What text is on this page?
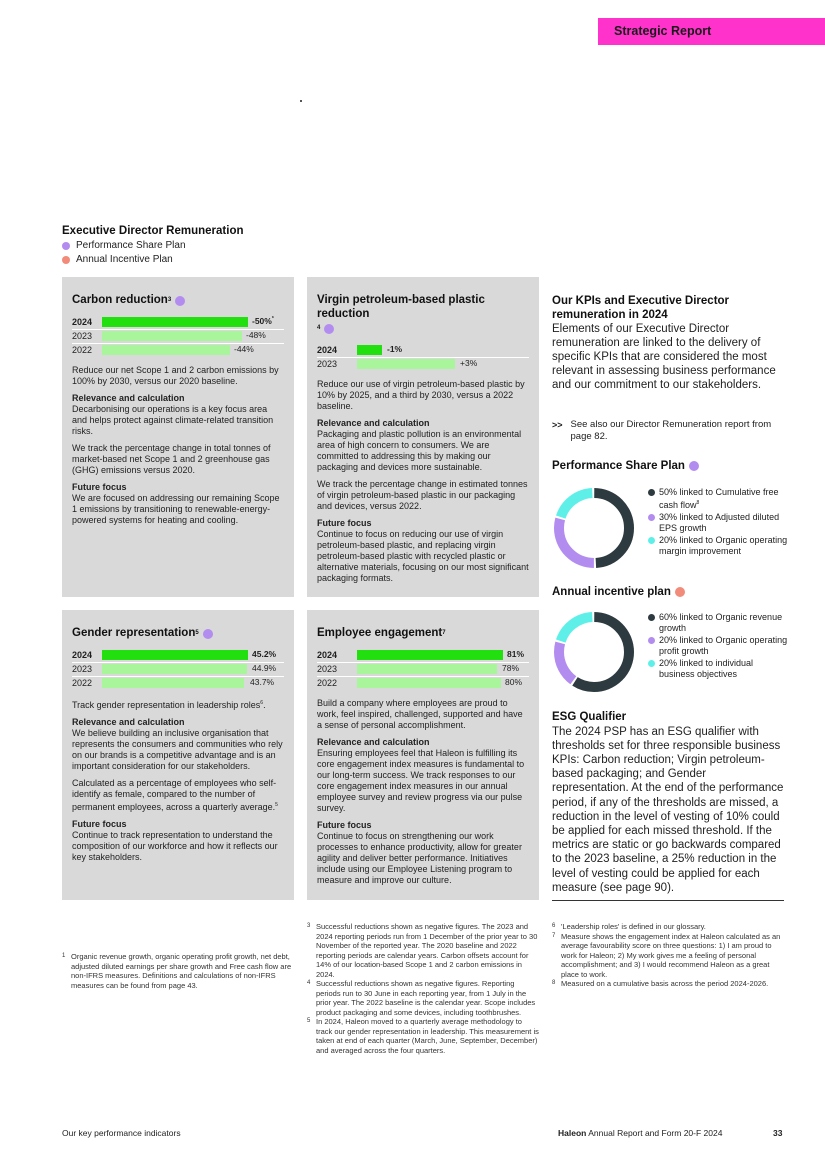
Strategic Report
Executive Director Remuneration
Performance Share Plan
Annual Incentive Plan
Carbon reduction 3
2024	-50%*
2023	-48%
2022	-44%

Reduce our net Scope 1 and 2 carbon emissions by 100% by 2030, versus our 2020 baseline.

Relevance and calculation

Decarbonising our operations is a key focus area and helps protect against climate-related transition risks.

We track the percentage change in total tonnes of market-based net Scope 1 and 2 greenhouse gas (GHG) emissions versus 2020.

Future focus

We are focused on addressing our remaining Scope 1 emissions by transitioning to renewable-energy-powered systems for heating and cooling.

Virgin petroleum-based plastic reduction
4
2024	-1%
2023	+3%

Reduce our use of virgin petroleum-based plastic by 10% by 2025, and a third by 2030, versus a 2022 baseline.

Relevance and calculation

Packaging and plastic pollution is an environmental area of high concern to consumers. We are committed to addressing this by making our packaging and devices more sustainable.

We track the percentage change in estimated tonnes of virgin petroleum-based plastic in our packaging and devices, versus 2022.

Future focus

Continue to focus on reducing our use of virgin petroleum-based plastic, and replacing virgin petroleum-based plastic with recycled plastic or alternative materials, focusing on our most significant packaging formats.

Gender representation 5
2024	45.2%
2023	44.9%
2022	43.7%

Track gender representation in leadership roles$^6$.

Relevance and calculation

We believe building an inclusive organisation that represents the consumers and communities who rely on our brands is a competitive advantage and is an important consideration for our stakeholders.

Calculated as a percentage of employees who self-identify as female, compared to the number of permanent employees, across a quarterly average.$^5$

Future focus

Continue to track representation to understand the composition of our workforce and how it reflects our key stakeholders.

Employee engagement 7
2024	81%
2023	78%
2022	80%

Build a company where employees are proud to work, feel inspired, challenged, supported and have a sense of personal accomplishment.

Relevance and calculation

Ensuring employees feel that Haleon is fulfilling its core engagement index measures is fundamental to our long-term success. We track responses to our core engagement index measures in our annual employee survey and review progress via our pulse survey.

Future focus

Continue to focus on strengthening our work processes to enhance productivity, allow for greater agility and deliver better performance. Initiatives include using our Employee Listening program to measure and improve our culture.

Our KPIs and Executive Director remuneration in 2024

Elements of our Executive Director remuneration are linked to the delivery of specific KPIs that are considered the most relevant in assessing business performance and our commitment to our stakeholders.

>> See also our Director Remuneration report from page 82.
Performance Share Plan
50% linked to Cumulative free cash flow$^8$
30% linked to Adjusted diluted EPS growth
20% linked to Organic operating margin improvement
Annual incentive plan
60% linked to Organic revenue growth
20% linked to Organic operating profit growth
20% linked to individual business objectives
ESG Qualifier

The 2024 PSP has an ESG qualifier with thresholds set for three responsible business KPIs: Carbon reduction; Virgin petroleum-based packaging; and Gender representation. At the end of the performance period, if any of the thresholds are missed, a reduction in the level of vesting of 10% could be applied for each missed threshold. If the metrics are static or go backwards compared to the 2023 baseline, a 25% reduction in the level of vesting could be applied for each measure (see page 90).

1 Organic revenue growth, organic operating profit growth, net debt, adjusted diluted earnings per share growth and Free cash flow are non-IFRS measures. Definitions and calculations of non-IFRS measures can be found from page 43.
3 Successful reductions shown as negative figures. The 2023 and 2024 reporting periods run from 1 December of the prior year to 30 November of the reported year. The 2020 baseline and 2022 reporting periods are calendar years. Carbon offsets account for 14% of our location-based Scope 1 and 2 carbon emissions in 2024.
4 Successful reductions shown as negative figures. Reporting periods run to 30 June in each reporting year, from 1 July in the prior year. The 2022 baseline is the calendar year. Scope includes product packaging and some devices, including toothbrushes.
5 In 2024, Haleon moved to a quarterly average methodology to track our gender representation in leadership. This measurement is taken at end of each quarter (March, June, September, December) and averaged across the four quarters.
6 'Leadership roles' is defined in our glossary.
7 Measure shows the engagement index at Haleon calculated as an average favourability score on three questions: 1) I am proud to work for Haleon; 2) My work gives me a feeling of personal accomplishment; and 3) I would recommend Haleon as a great place to work.
8 Measured on a cumulative basis across the period 2024-2026.
Our key performance indicators	Haleon Annual Report and Form 20-F 2024	33
